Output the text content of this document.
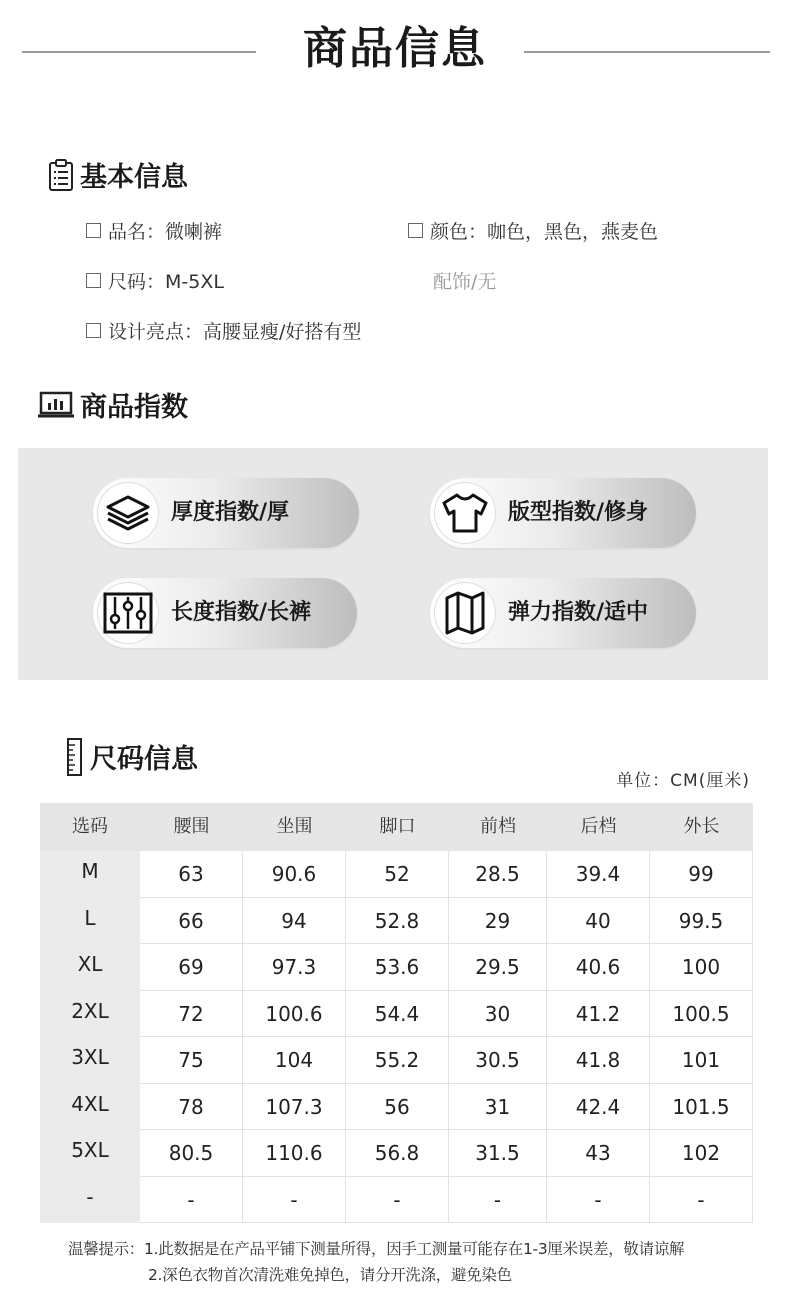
商品信息
基本信息
品名：微喇裤	颜色：咖色，黑色，燕麦色
尺码：M-5XL	配饰/无
设计亮点：高腰显瘦/好搭有型
商品指数
厚度指数/厚	版型指数/修身
长度指数/长裤	弹力指数/适中
尺码信息
单位：CM(厘米)
选码	腰围	坐围	脚口	前档	后档	外长
M	63	90.6	52	28.5	39.4	99
L	66	94	52.8	29	40	99.5
XL	69	97.3	53.6	29.5	40.6	100
2XL	72	100.6	54.4	30	41.2	100.5
3XL	75	104	55.2	30.5	41.8	101
4XL	78	107.3	56	31	42.4	101.5
5XL	80.5	110.6	56.8	31.5	43	102
-	-	-	-	-	-	-
温馨提示：1.此数据是在产品平铺下测量所得，因手工测量可能存在1-3厘米误差，敬请谅解
2.深色衣物首次清洗难免掉色，请分开洗涤，避免染色
